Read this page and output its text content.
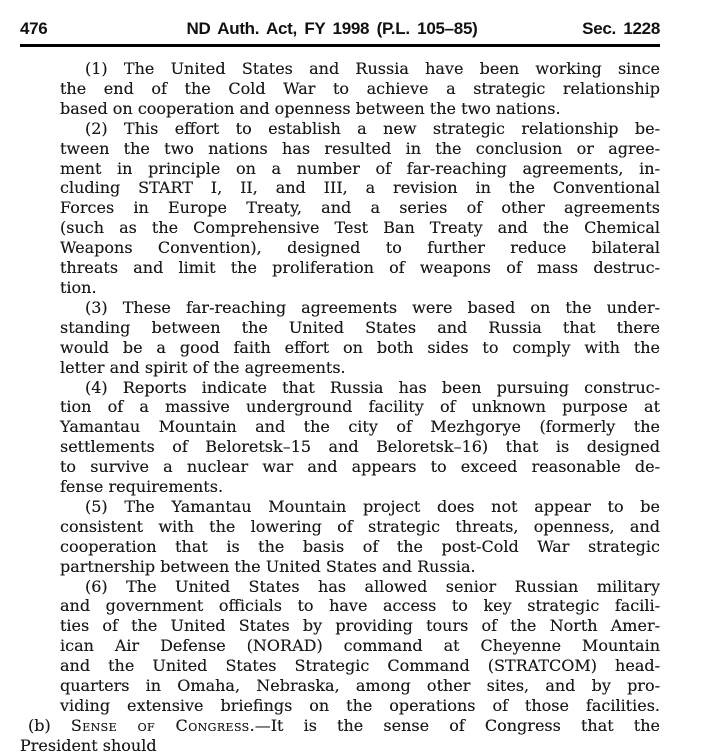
476	ND Auth. Act, FY 1998 (P.L. 105–85)	Sec. 1228
(1) The United States and Russia have been working since
the end of the Cold War to achieve a strategic relationship
based on cooperation and openness between the two nations.
(2) This effort to establish a new strategic relationship be-
tween the two nations has resulted in the conclusion or agree-
ment in principle on a number of far-reaching agreements, in-
cluding START I, II, and III, a revision in the Conventional
Forces in Europe Treaty, and a series of other agreements
(such as the Comprehensive Test Ban Treaty and the Chemical
Weapons Convention), designed to further reduce bilateral
threats and limit the proliferation of weapons of mass destruc-
tion.
(3) These far-reaching agreements were based on the under-
standing between the United States and Russia that there
would be a good faith effort on both sides to comply with the
letter and spirit of the agreements.
(4) Reports indicate that Russia has been pursuing construc-
tion of a massive underground facility of unknown purpose at
Yamantau Mountain and the city of Mezhgorye (formerly the
settlements of Beloretsk–15 and Beloretsk–16) that is designed
to survive a nuclear war and appears to exceed reasonable de-
fense requirements.
(5) The Yamantau Mountain project does not appear to be
consistent with the lowering of strategic threats, openness, and
cooperation that is the basis of the post-Cold War strategic
partnership between the United States and Russia.
(6) The United States has allowed senior Russian military
and government officials to have access to key strategic facili-
ties of the United States by providing tours of the North Amer-
ican Air Defense (NORAD) command at Cheyenne Mountain
and the United States Strategic Command (STRATCOM) head-
quarters in Omaha, Nebraska, among other sites, and by pro-
viding extensive briefings on the operations of those facilities.
(b) Sense of Congress.—It is the sense of Congress that the
President should
